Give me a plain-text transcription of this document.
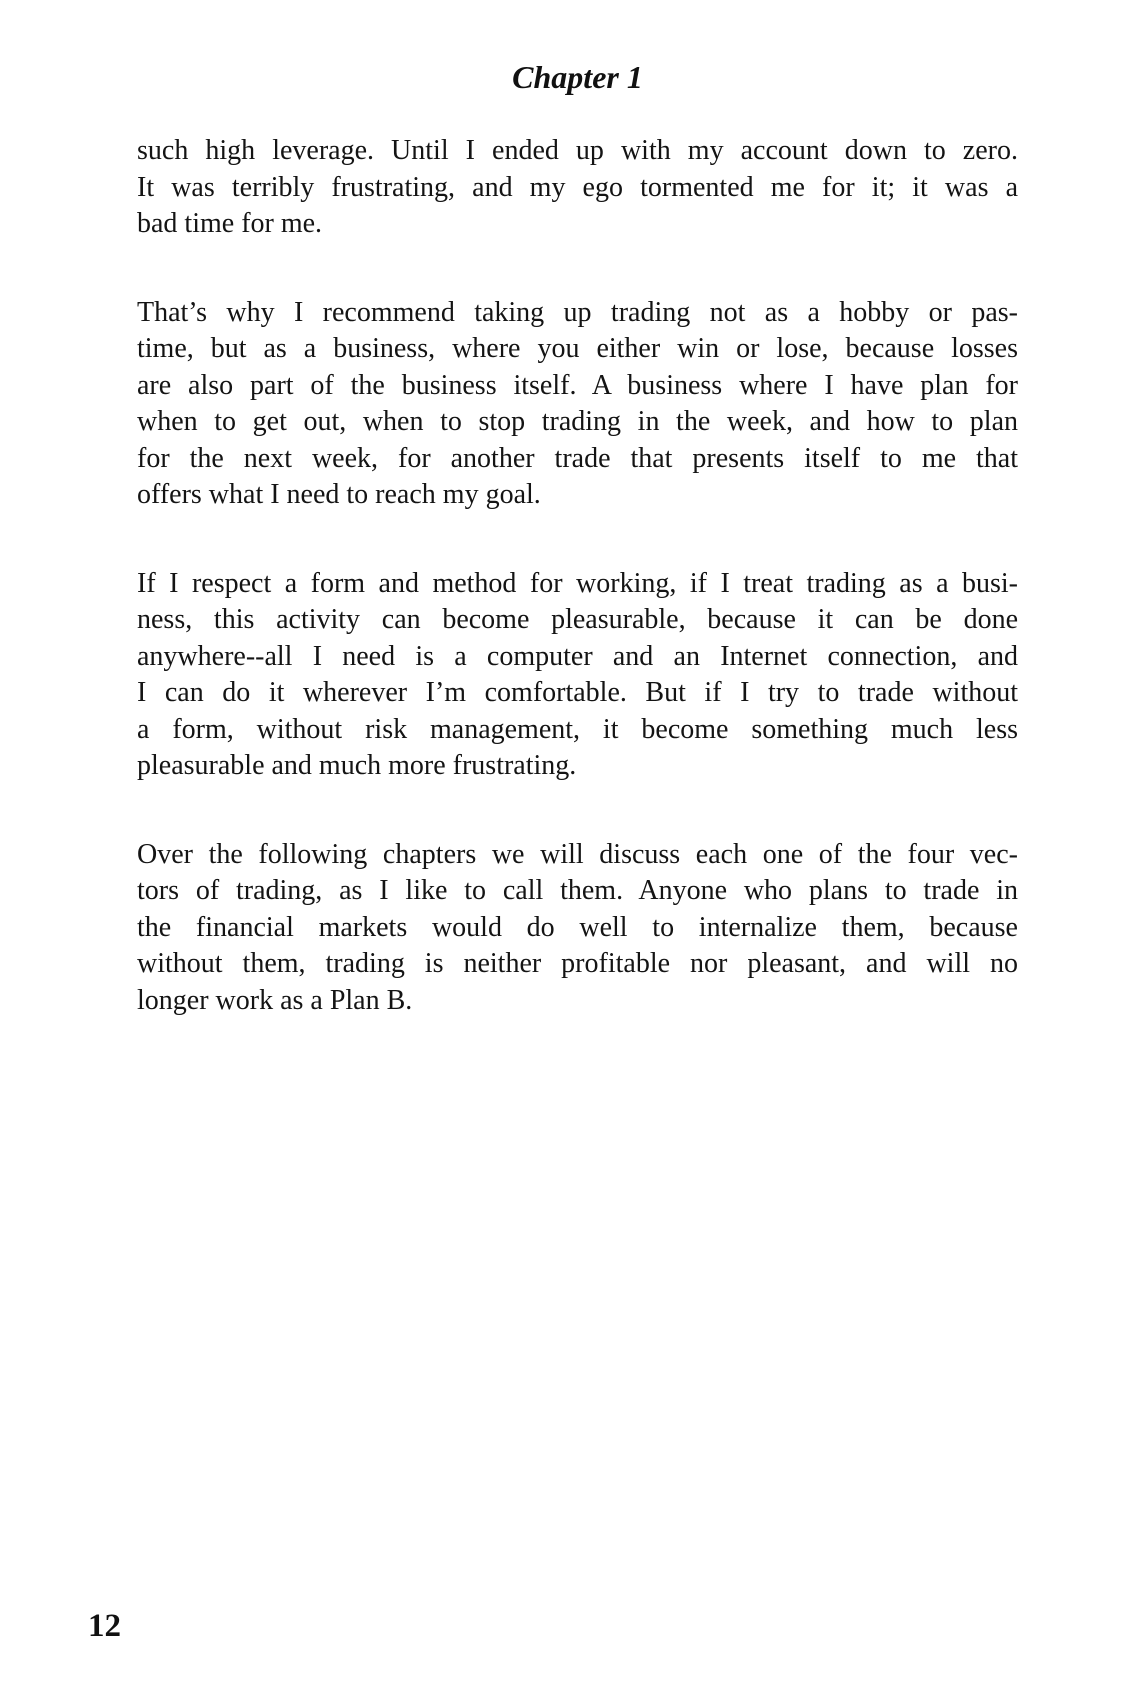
Chapter 1
such high leverage. Until I ended up with my account down to zero.
It was terribly frustrating, and my ego tormented me for it; it was a
bad time for me.
That’s why I recommend taking up trading not as a hobby or pas-
time, but as a business, where you either win or lose, because losses
are also part of the business itself. A business where I have plan for
when to get out, when to stop trading in the week, and how to plan
for the next week, for another trade that presents itself to me that
offers what I need to reach my goal.
If I respect a form and method for working, if I treat trading as a busi-
ness, this activity can become pleasurable, because it can be done
anywhere--all I need is a computer and an Internet connection, and
I can do it wherever I’m comfortable. But if I try to trade without
a form, without risk management, it become something much less
pleasurable and much more frustrating.
Over the following chapters we will discuss each one of the four vec-
tors of trading, as I like to call them. Anyone who plans to trade in
the financial markets would do well to internalize them, because
without them, trading is neither profitable nor pleasant, and will no
longer work as a Plan B.
12
